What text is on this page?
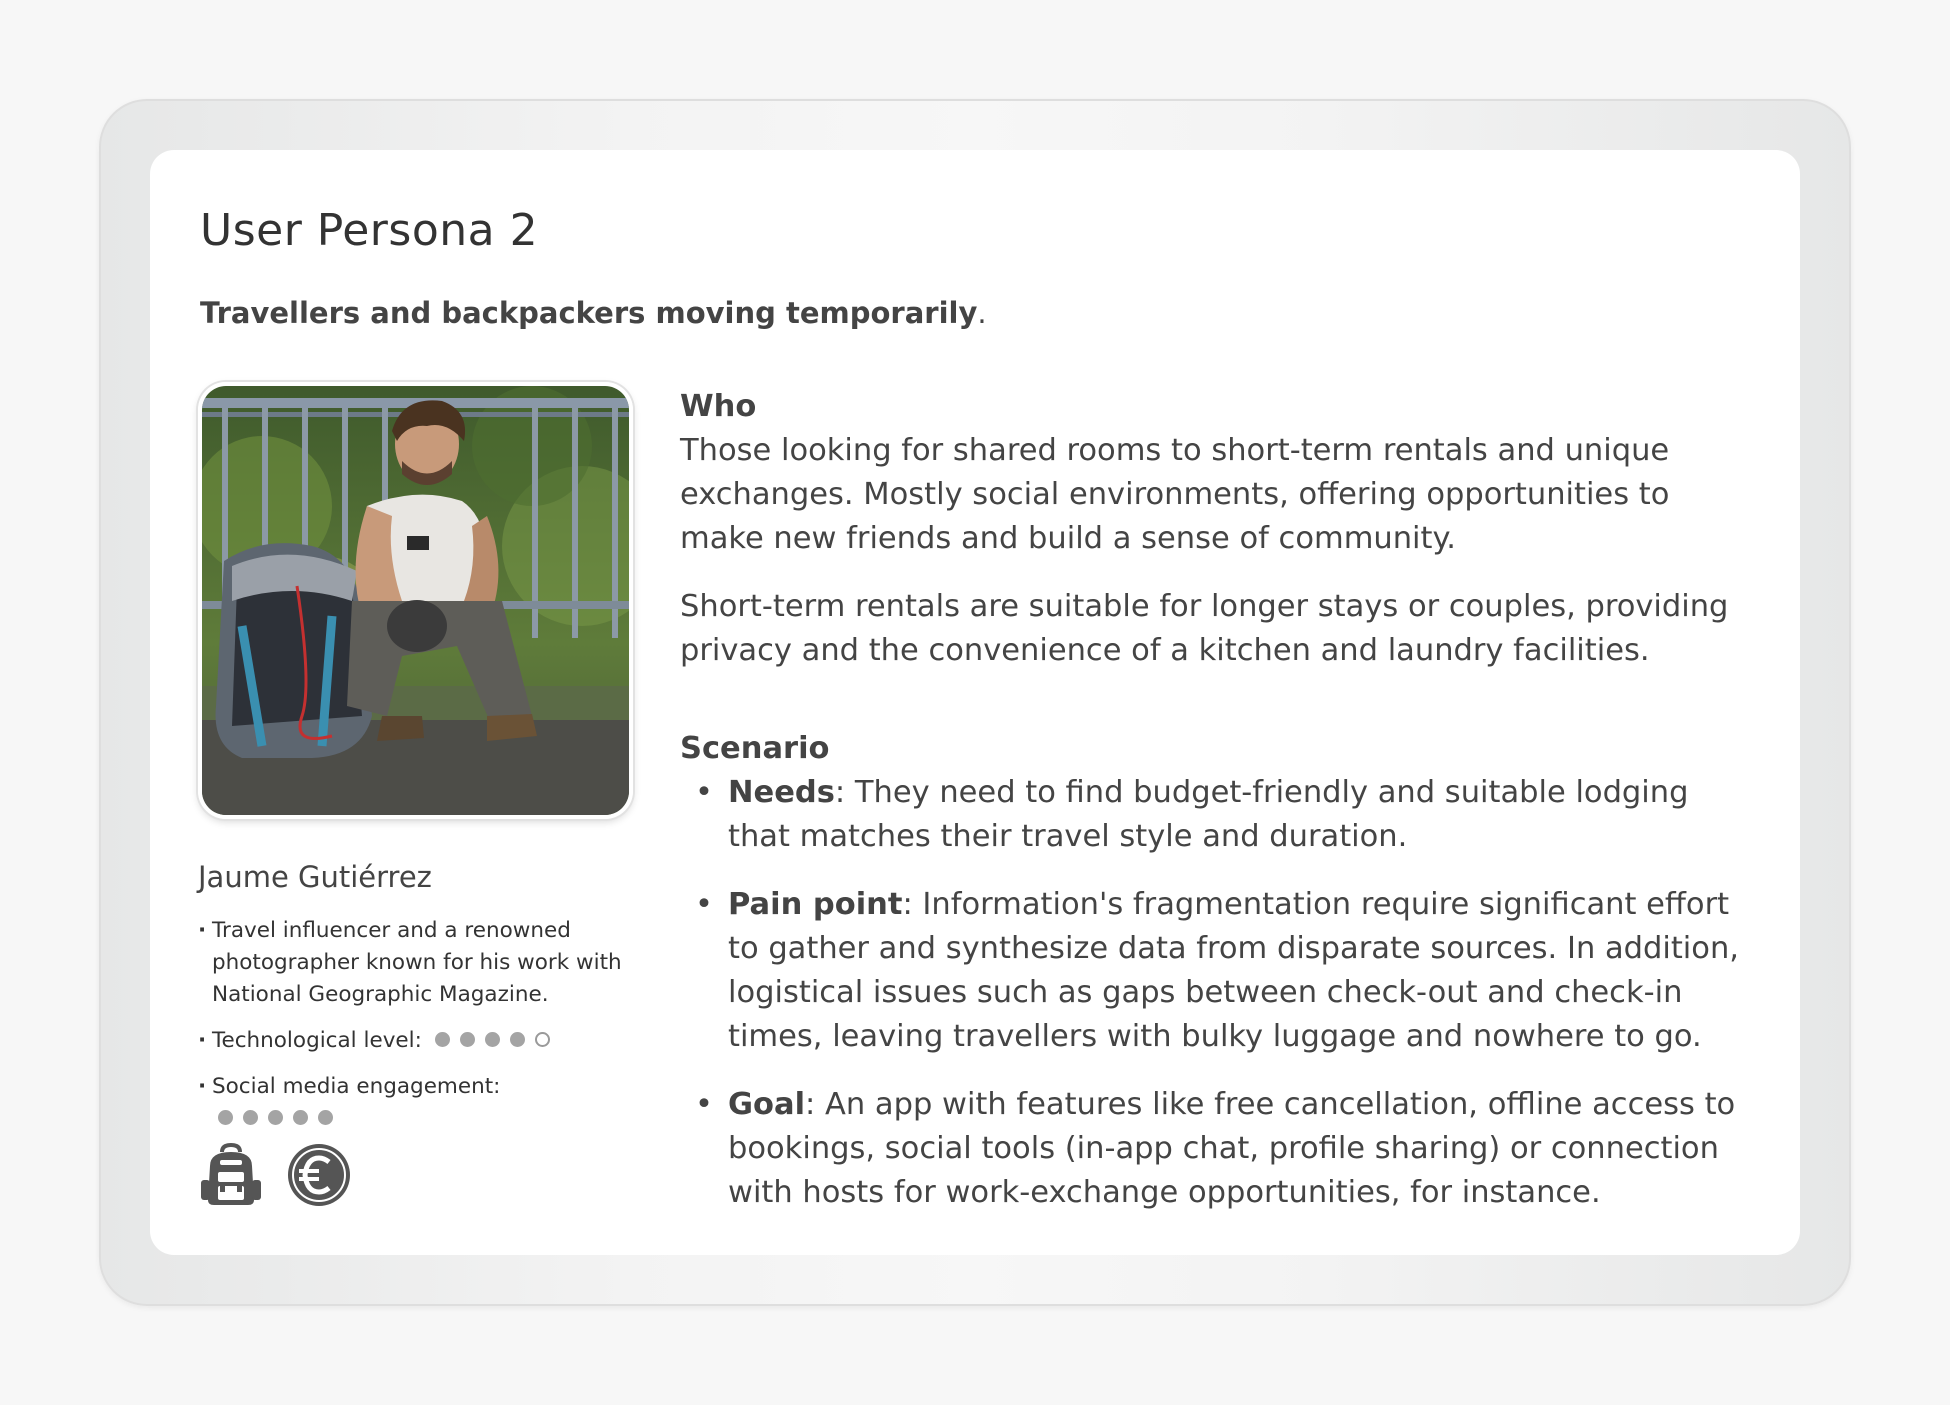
User Persona 2

Travellers and backpackers moving temporarily.

Jaume Gutiérrez
· Travel influencer and a renowned photographer known for his work with National Geographic Magazine.
· Technological level:
· Social media engagement:
Who

Those looking for shared rooms to short-term rentals and unique exchanges. Mostly social environments, offering opportunities to make new friends and build a sense of community.

Short-term rentals are suitable for longer stays or couples, providing privacy and the convenience of a kitchen and laundry facilities.

Scenario
• Needs: They need to find budget-friendly and suitable lodging that matches their travel style and duration.
• Pain point: Information's fragmentation require significant effort to gather and synthesize data from disparate sources. In addition, logistical issues such as gaps between check-out and check-in times, leaving travellers with bulky luggage and nowhere to go.
• Goal: An app with features like free cancellation, offline access to bookings, social tools (in-app chat, profile sharing) or connection with hosts for work-exchange opportunities, for instance.
